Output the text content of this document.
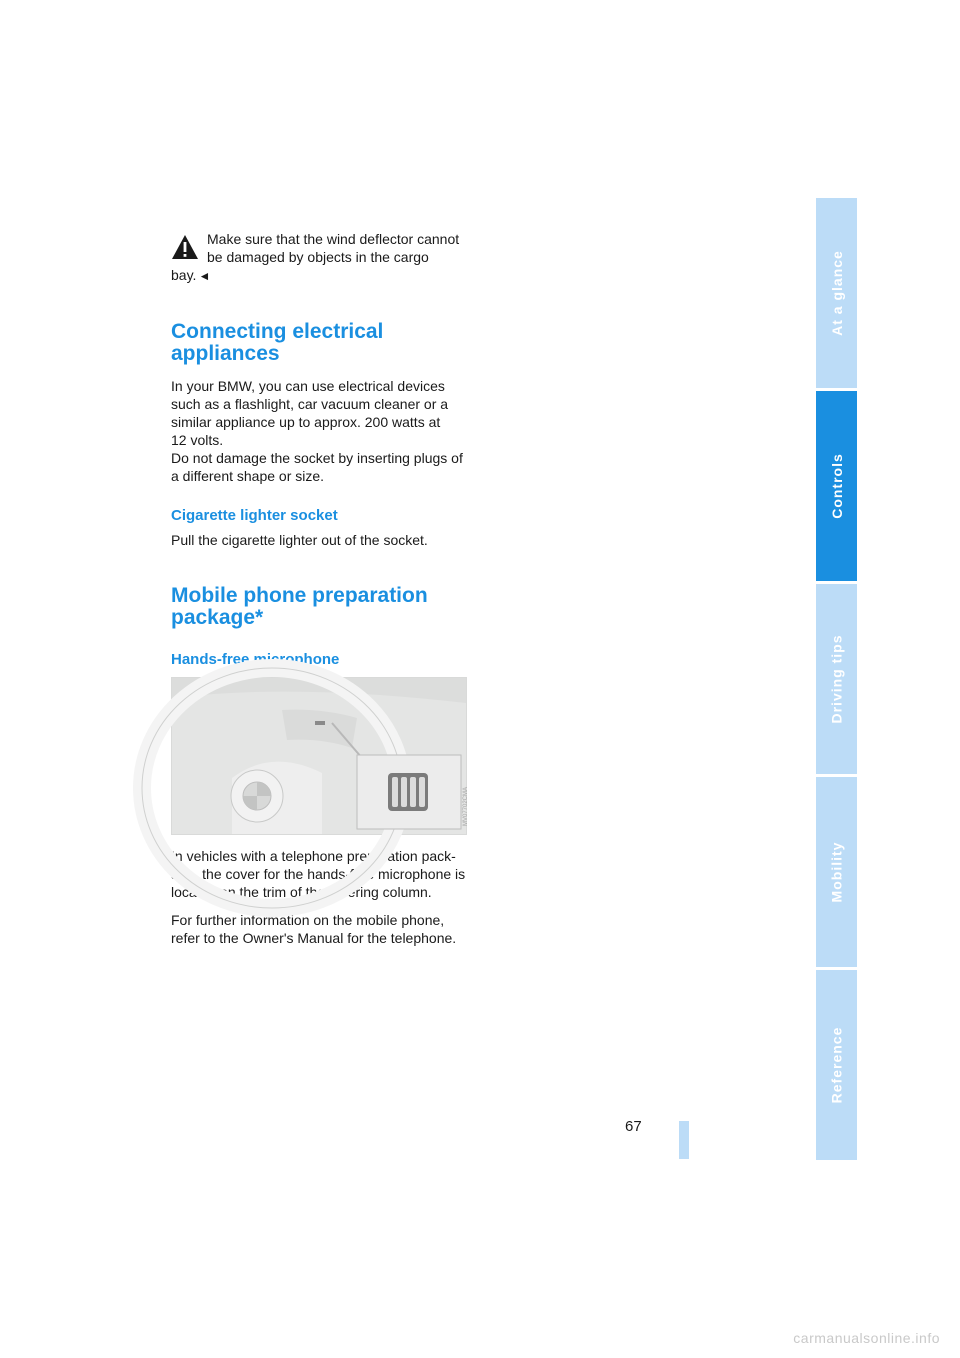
Make sure that the wind deflector cannot
be damaged by objects in the cargo
bay. ◄
Connecting electrical
appliances

In your BMW, you can use electrical devices
such as a flashlight, car vacuum cleaner or a
similar appliance up to approx. 200 watts at
12 volts.
Do not damage the socket by inserting plugs of
a different shape or size.

Cigarette lighter socket

Pull the cigarette lighter out of the socket.

Mobile phone preparation
package*
Hands-free microphone
MV07702CMA

In vehicles with a telephone preparation pack-
age, the cover for the hands-free microphone is
located on the trim of the steering column.

For further information on the mobile phone,
refer to the Owner's Manual for the telephone.

At a glance
Controls
Driving tips
Mobility
Reference
67
carmanualsonline.info
